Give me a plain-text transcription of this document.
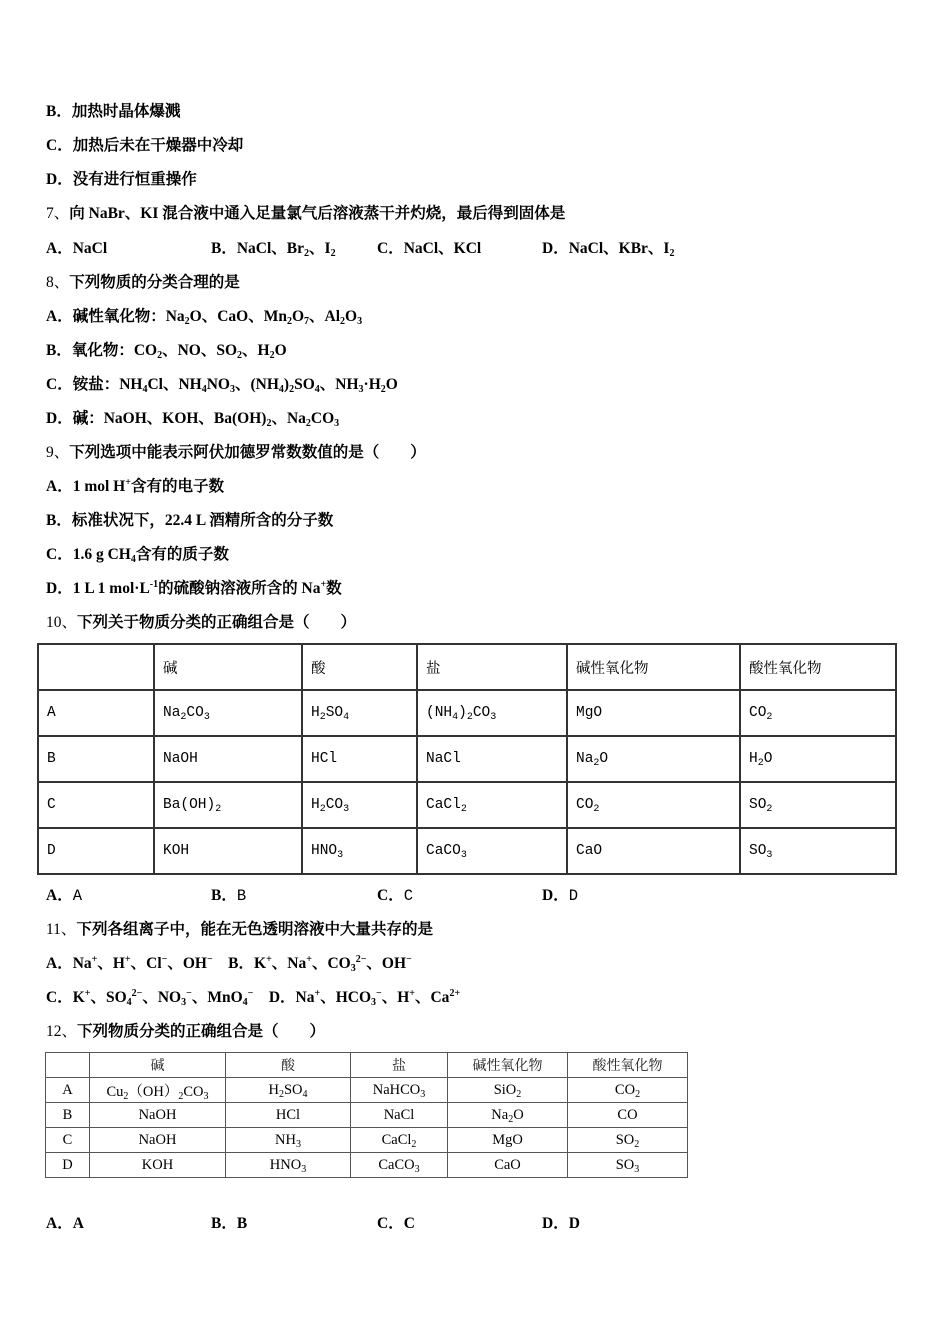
B．加热时晶体爆溅
C．加热后未在干燥器中冷却
D．没有进行恒重操作
7、向 NaBr、KI 混合液中通入足量氯气后溶液蒸干并灼烧，最后得到固体是
A．NaCl	B．NaCl、$Br_2$、$I_2$	C．NaCl、KCl	D．NaCl、KBr、$I_2$
8、下列物质的分类合理的是
A．碱性氧化物：$Na_2O$、CaO、$Mn_2O_7$、$Al_2O_3$
B．氧化物：$CO_2$、NO、$SO_2$、$H_2O$
C．铵盐：$NH_4Cl$、$NH_4NO_3$、$(NH_4)_2SO_4$、$NH_3\cdot H_2O$
D．碱：NaOH、KOH、$Ba(OH)_2$、$Na_2CO_3$
9、下列选项中能表示阿伏加德罗常数数值的是（　　）
A．1 mol H+含有的电子数
B．标准状况下，22.4 L 酒精所含的分子数
C．1.6 g $CH_4$含有的质子数
D．1 L 1 $mol\cdot L^{-1}$的硫酸钠溶液所含的 Na+数
10、下列关于物质分类的正确组合是（　　）
	碱	酸	盐	碱性氧化物	酸性氧化物
A	$Na_2CO_3$	$H_2SO_4$	$(NH_4)_2CO_3$	MgO	$CO_2$
B	NaOH	HCl	NaCl	$Na_2O$	$H_2O$
C	$Ba(OH)_2$	$H_2CO_3$	CaCl$_2$	$CO_2$	$SO_2$
D	KOH	$HNO_3$	CaCO$_3$	CaO	$SO_3$
A．A	B．B	C．C	D．D
11、下列各组离子中，能在无色透明溶液中大量共存的是
A．Na+、H+、Cl−、OH− B．K+、Na+、$CO_3^{2-}$、OH−
C．K+、$SO_4^{2-}$、$NO_3^-$、MnO$_4$− D．Na+、$HCO_3^-$、H+、$Ca^{2+}$
12、下列物质分类的正确组合是（　　）
	碱	酸	盐	碱性氧化物	酸性氧化物
A	$Cu_2(OH)_2CO_3$	$H_2SO_4$	NaHCO$_3$	SiO$_2$	$CO_2$
B	NaOH	HCl	NaCl	$Na_2O$	CO
C	NaOH	$NH_3$	CaCl$_2$	MgO	$SO_2$
D	KOH	$HNO_3$	CaCO$_3$	CaO	$SO_3$
A．A	B．B	C．C	D．D
